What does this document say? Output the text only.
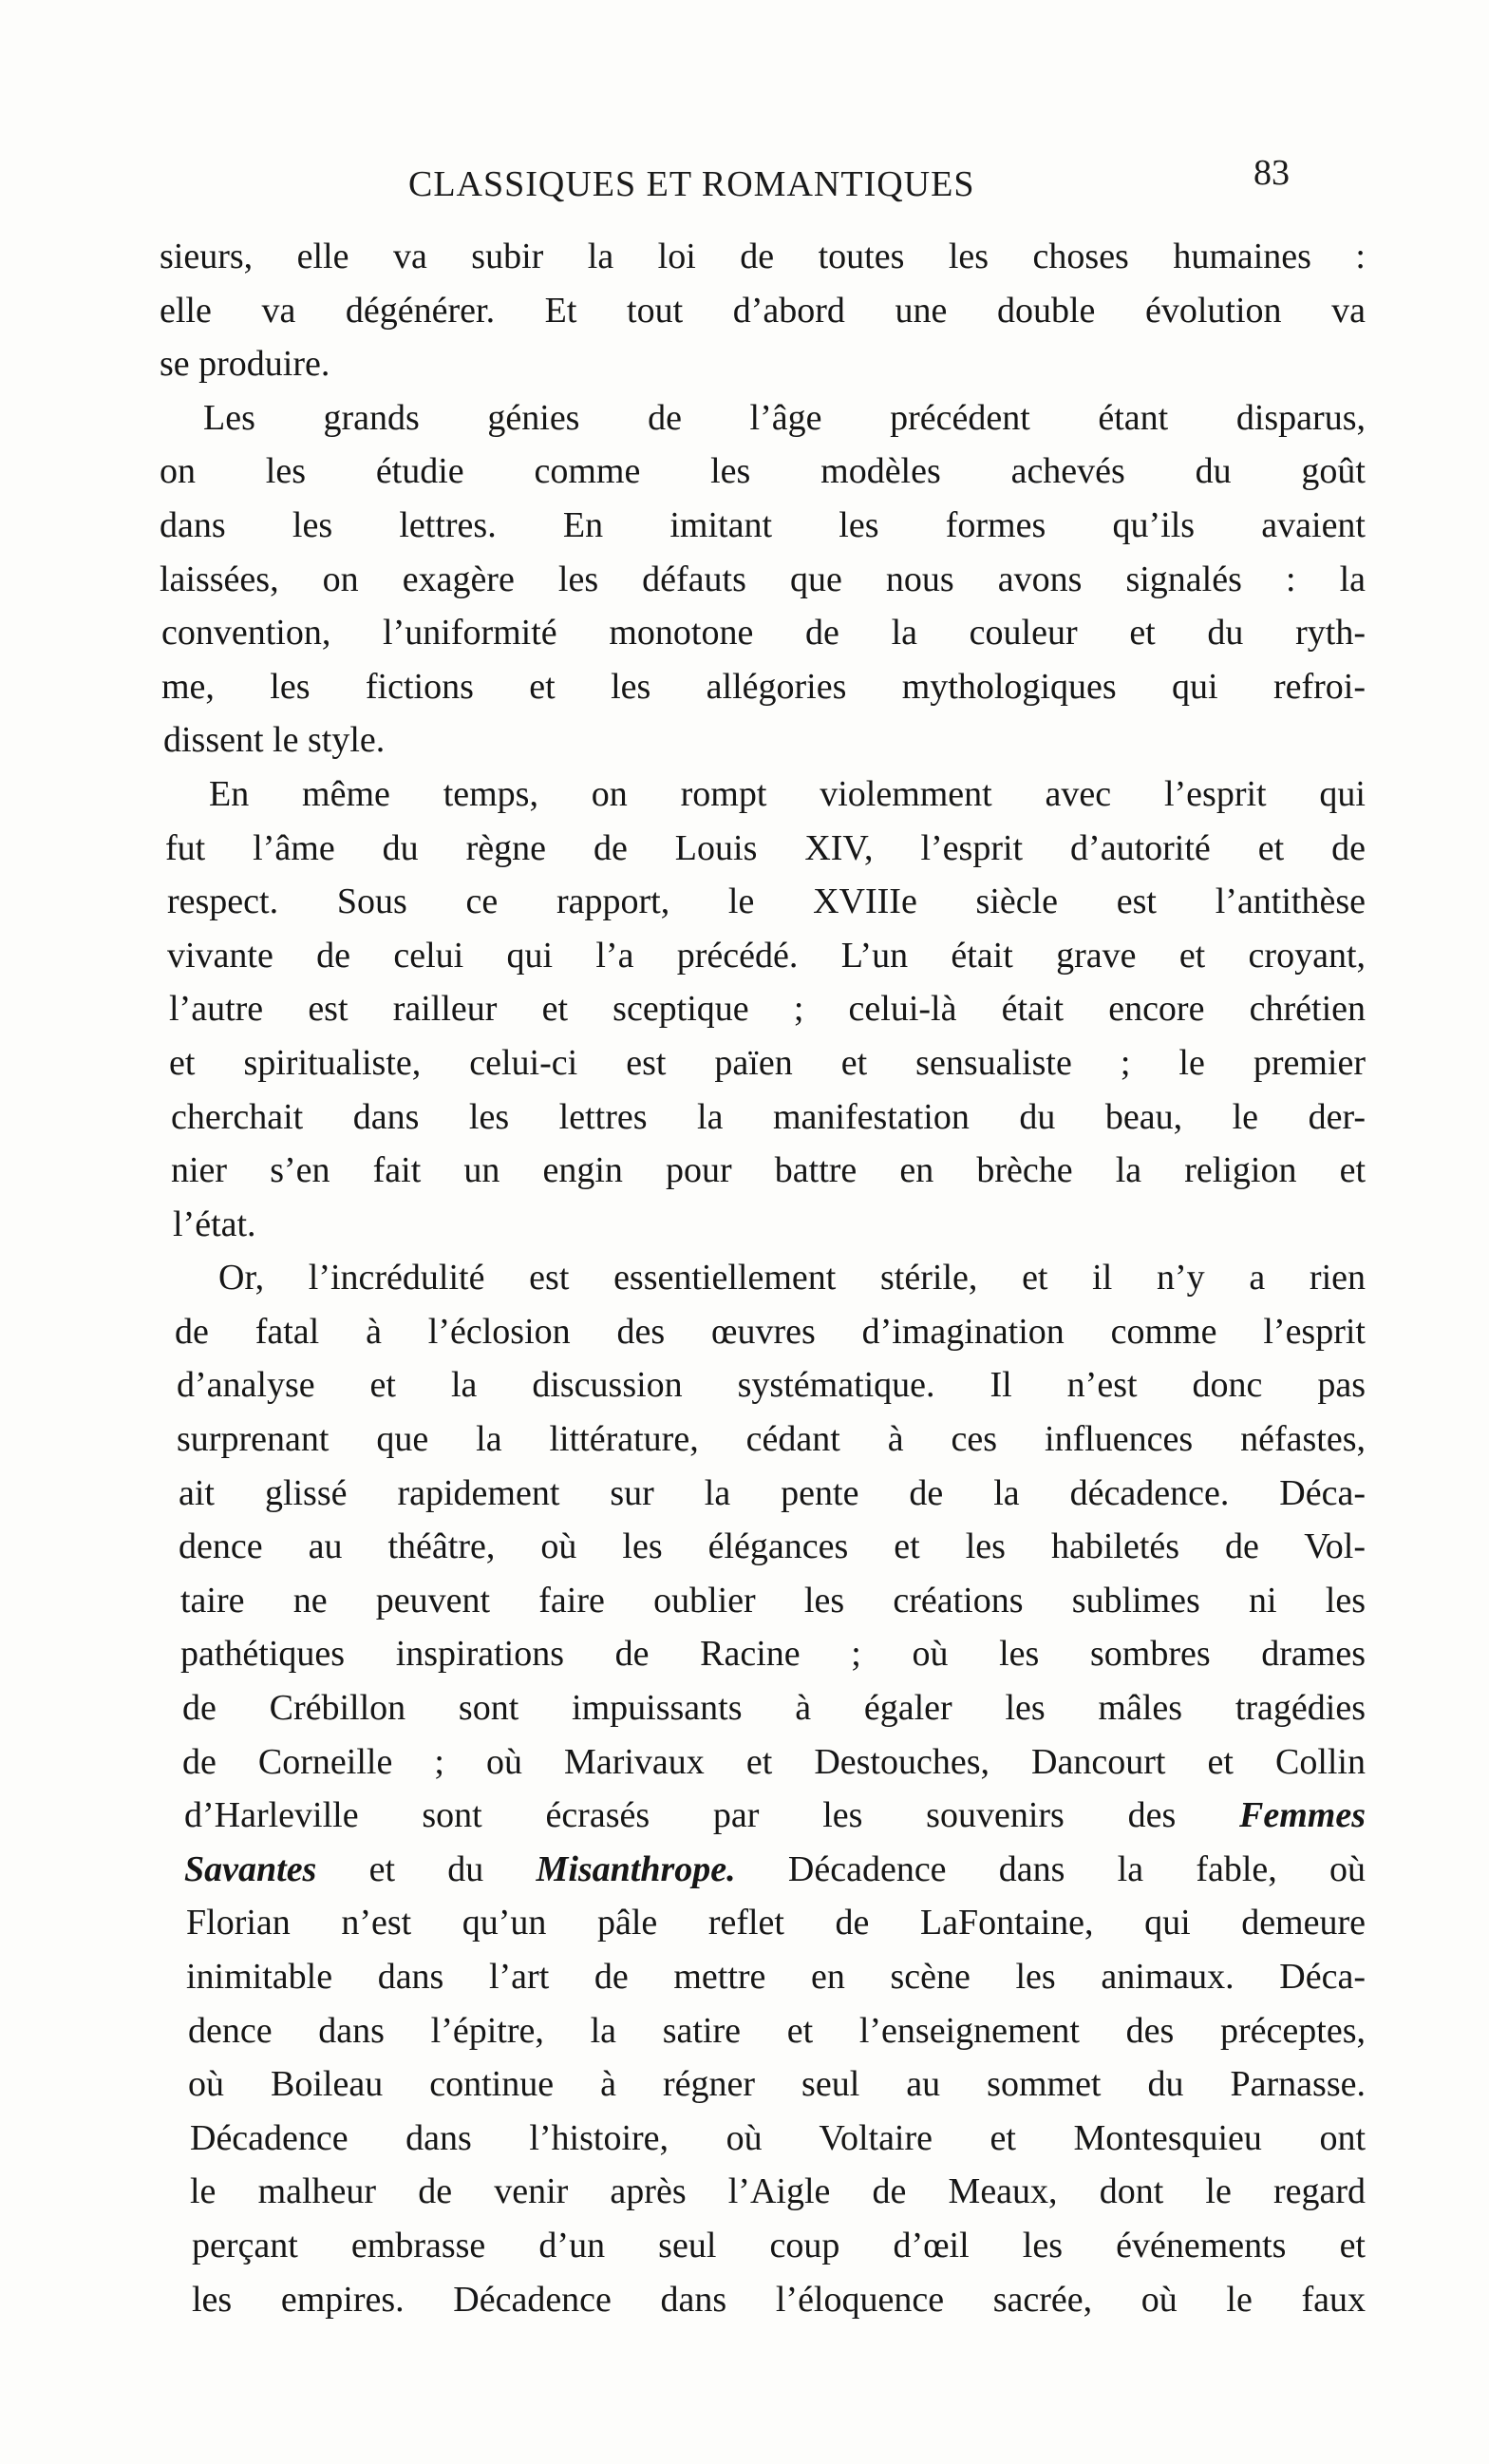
CLASSIQUES ET ROMANTIQUES	83
sieurs, elle va subir la loi de toutes les choses humaines :
elle va dégénérer. Et tout d’abord une double évolution va
se produire.
Les grands génies de l’âge précédent étant disparus,
on les étudie comme les modèles achevés du goût
dans les lettres. En imitant les formes qu’ils avaient
laissées, on exagère les défauts que nous avons signalés : la
convention, l’uniformité monotone de la couleur et du ryth-
me, les fictions et les allégories mythologiques qui refroi-
dissent le style.
En même temps, on rompt violemment avec l’esprit qui
fut l’âme du règne de Louis XIV, l’esprit d’autorité et de
respect. Sous ce rapport, le XVIIIe siècle est l’antithèse
vivante de celui qui l’a précédé. L’un était grave et croyant,
l’autre est railleur et sceptique ; celui-là était encore chrétien
et spiritualiste, celui-ci est païen et sensualiste ; le premier
cherchait dans les lettres la manifestation du beau, le der-
nier s’en fait un engin pour battre en brèche la religion et
l’état.
Or, l’incrédulité est essentiellement stérile, et il n’y a rien
de fatal à l’éclosion des œuvres d’imagination comme l’esprit
d’analyse et la discussion systématique. Il n’est donc pas
surprenant que la littérature, cédant à ces influences néfastes,
ait glissé rapidement sur la pente de la décadence. Déca-
dence au théâtre, où les élégances et les habiletés de Vol-
taire ne peuvent faire oublier les créations sublimes ni les
pathétiques inspirations de Racine ; où les sombres drames
de Crébillon sont impuissants à égaler les mâles tragédies
de Corneille ; où Marivaux et Destouches, Dancourt et Collin
d’Harleville sont écrasés par les souvenirs des Femmes
Savantes et du Misanthrope. Décadence dans la fable, où
Florian n’est qu’un pâle reflet de LaFontaine, qui demeure
inimitable dans l’art de mettre en scène les animaux. Déca-
dence dans l’épitre, la satire et l’enseignement des préceptes,
où Boileau continue à régner seul au sommet du Parnasse.
Décadence dans l’histoire, où Voltaire et Montesquieu ont
le malheur de venir après l’Aigle de Meaux, dont le regard
perçant embrasse d’un seul coup d’œil les événements et
les empires. Décadence dans l’éloquence sacrée, où le faux
